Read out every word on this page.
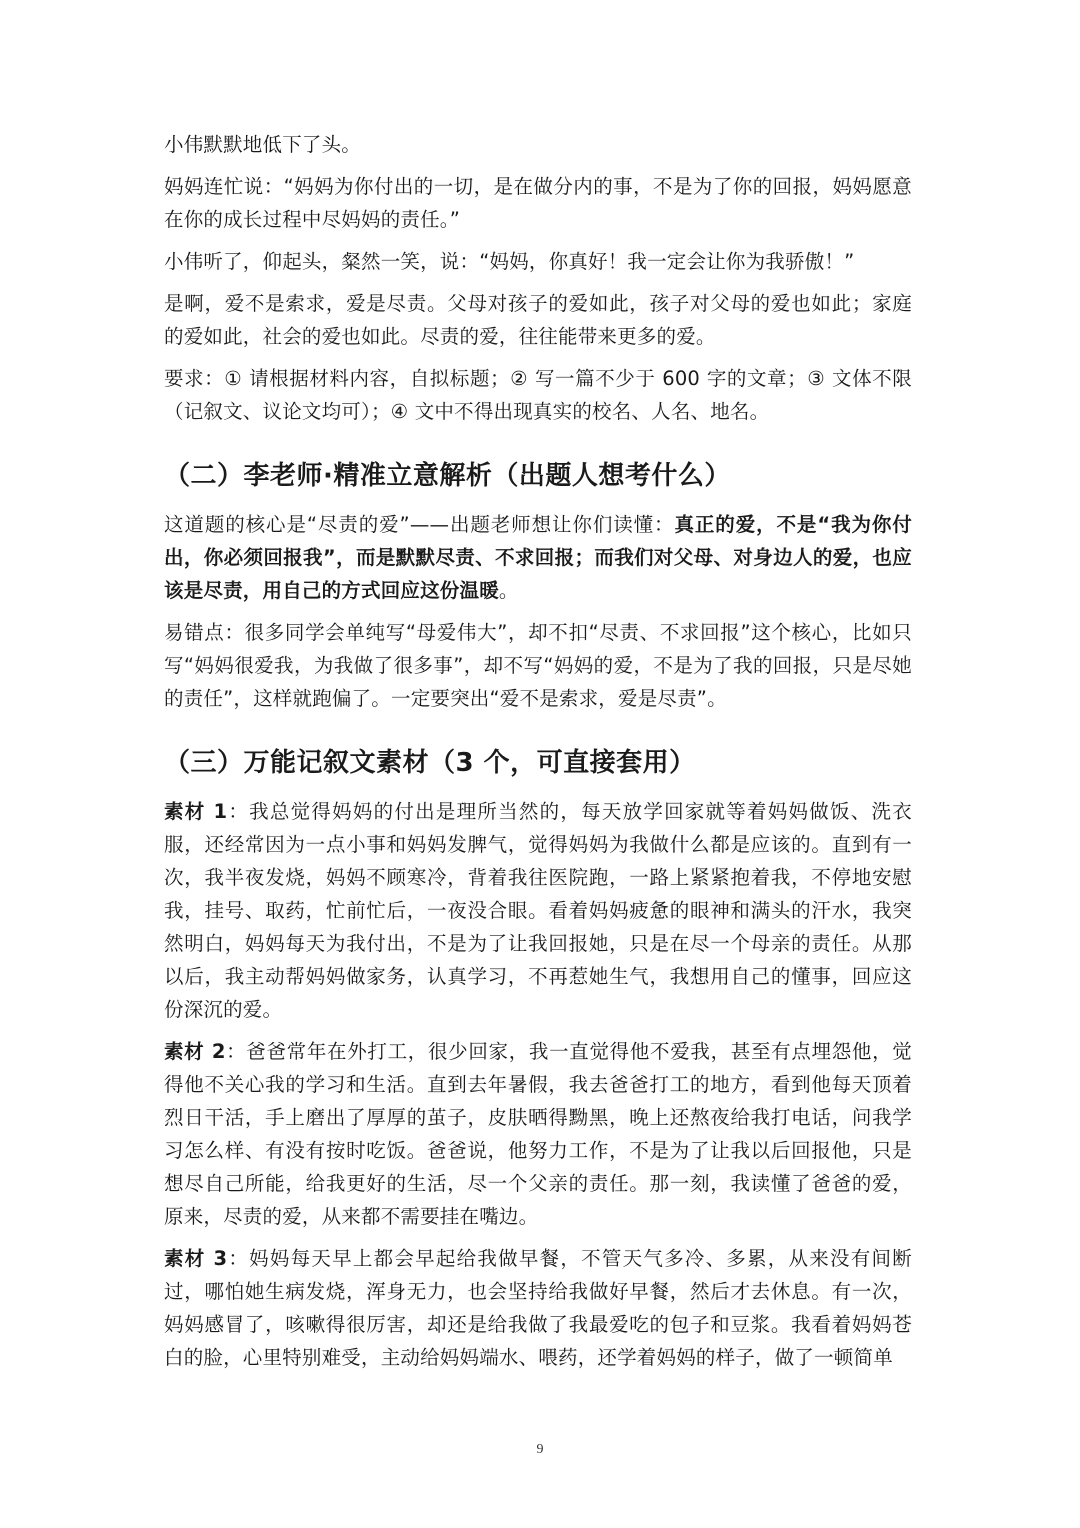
小伟默默地低下了头。

妈妈连忙说：“妈妈为你付出的一切，是在做分内的事，不是为了你的回报，妈妈愿意在你的成长过程中尽妈妈的责任。”

小伟听了，仰起头，粲然一笑，说：“妈妈，你真好！我一定会让你为我骄傲！”

是啊，爱不是索求，爱是尽责。父母对孩子的爱如此，孩子对父母的爱也如此；家庭的爱如此，社会的爱也如此。尽责的爱，往往能带来更多的爱。

要求：① 请根据材料内容，自拟标题；② 写一篇不少于 600 字的文章；③ 文体不限（记叙文、议论文均可）；④ 文中不得出现真实的校名、人名、地名。

（二）李老师·精准立意解析（出题人想考什么）

这道题的核心是“尽责的爱”——出题老师想让你们读懂：真正的爱，不是“我为你付出，你必须回报我”，而是默默尽责、不求回报；而我们对父母、对身边人的爱，也应该是尽责，用自己的方式回应这份温暖。

易错点：很多同学会单纯写“母爱伟大”，却不扣“尽责、不求回报”这个核心，比如只写“妈妈很爱我，为我做了很多事”，却不写“妈妈的爱，不是为了我的回报，只是尽她的责任”，这样就跑偏了。一定要突出“爱不是索求，爱是尽责”。

（三）万能记叙文素材（3 个，可直接套用）

素材 1：我总觉得妈妈的付出是理所当然的，每天放学回家就等着妈妈做饭、洗衣服，还经常因为一点小事和妈妈发脾气，觉得妈妈为我做什么都是应该的。直到有一次，我半夜发烧，妈妈不顾寒冷，背着我往医院跑，一路上紧紧抱着我，不停地安慰我，挂号、取药，忙前忙后，一夜没合眼。看着妈妈疲惫的眼神和满头的汗水，我突然明白，妈妈每天为我付出，不是为了让我回报她，只是在尽一个母亲的责任。从那以后，我主动帮妈妈做家务，认真学习，不再惹她生气，我想用自己的懂事，回应这份深沉的爱。

素材 2：爸爸常年在外打工，很少回家，我一直觉得他不爱我，甚至有点埋怨他，觉得他不关心我的学习和生活。直到去年暑假，我去爸爸打工的地方，看到他每天顶着烈日干活，手上磨出了厚厚的茧子，皮肤晒得黝黑，晚上还熬夜给我打电话，问我学习怎么样、有没有按时吃饭。爸爸说，他努力工作，不是为了让我以后回报他，只是想尽自己所能，给我更好的生活，尽一个父亲的责任。那一刻，我读懂了爸爸的爱，原来，尽责的爱，从来都不需要挂在嘴边。

素材 3：妈妈每天早上都会早起给我做早餐，不管天气多冷、多累，从来没有间断过，哪怕她生病发烧，浑身无力，也会坚持给我做好早餐，然后才去休息。有一次，妈妈感冒了，咳嗽得很厉害，却还是给我做了我最爱吃的包子和豆浆。我看着妈妈苍白的脸，心里特别难受，主动给妈妈端水、喂药，还学着妈妈的样子，做了一顿简单

9
